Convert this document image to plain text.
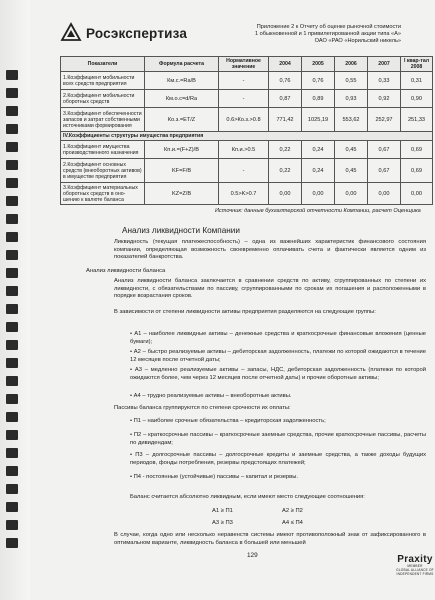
Росэкспертиза	Приложение 2 к Отчету об оценке рыночной стоимости
1 обыкновенной и 1 привилегированной акции типа «А»
ОАО «РАО «Норильский никель»
Показатели	Формула расчета	Нормативное значение	2004	2005	2006	2007	I квар-тал 2008
1.Коэффициент мобильности всех средств предприятия	Км.с.=Ra/B	-	0,76	0,76	0,55	0,33	0,31
2.Коэффициент мобильности оборотных средств	Км.о.с=d/Ra	-	0,87	0,89	0,93	0,92	0,90
3.Коэффициент обеспеченности запасов и затрат собственными источниками формирования	Ко.з.=ET/Z	0.6>Ко.з.>0.8	771,42	1025,19	553,62	252,97	251,33
IV.Коэффициенты структуры имущества предприятия							
1.Коэффициент имущества производственного назначения	Кп.и.=(F+Z)/B	Кп.и.>0.5	0,22	0,24	0,45	0,67	0,69
2.Коэффициент основных средств (внеоборотных активов) в имуществе предприятия	KF=F/B	-	0,22	0,24	0,45	0,67	0,69
3.Коэффициент материальных оборотных средств в оно-шению к валюте баланса	KZ=Z/B	0.5>K>0.7	0,00	0,00	0,00	0,00	0,00
Источник: данные бухгалтерской отчетности Компании, расчет Оценщика
Анализ ликвидности Компании
Ликвидность (текущая платежеспособность) – одна из важнейших характеристик финансового состояния компании, определяющая возможность своевременно оплачивать счета и фактически является одним из показателей банкротства.
Анализ ликвидности баланса
Анализ ликвидности баланса заключается в сравнении средств по активу, сгруппированных по степени их ликвидности, с обязательствами по пассиву, сгруппированными по срокам их погашения и расположенными в порядке возрастания сроков.
В зависимости от степени ликвидности активы предприятия разделяются на следующие группы:
• А1 – наиболее ликвидные активы – денежные средства и краткосрочные финансовые вложения (ценные бумаги);
• А2 – быстро реализуемые активы – дебиторская задолженность, платежи по которой ожидаются в течение 12 месяцев после отчетной даты;
• А3 – медленно реализуемые активы – запасы, НДС, дебиторская задолженность (платежи по которой ожидаются более, чем через 12 месяцев после отчетной даты) и прочие оборотные активы;
• А4 – трудно реализуемые активы – внеоборотные активы.
Пассивы баланса группируются по степени срочности их оплаты:
• П1 – наиболее срочные обязательства – кредиторская задолженность;
• П2 – краткосрочные пассивы – краткосрочные заемные средства, прочие краткосрочные пассивы, расчеты по дивидендам;
• П3 – долгосрочные пассивы – долгосрочные кредиты и заемные средства, а также доходы будущих периодов, фонды потребления, резервы предстоящих платежей;
• П4 - постоянные (устойчивые) пассивы – капитал и резервы.
Баланс считается абсолютно ликвидным, если имеют место следующие соотношения:
А1 ≥ П1	А2 ≥ П2
А3 ≥ П3	А4 ≤ П4
В случае, когда одно или несколько неравенств системы имеют противоположный знак от зафиксированного в оптимальном варианте, ликвидность баланса в большей или меньшей
129	Praxity
MEMBER
GLOBAL ALLIANCE OF INDEPENDENT FIRMS
